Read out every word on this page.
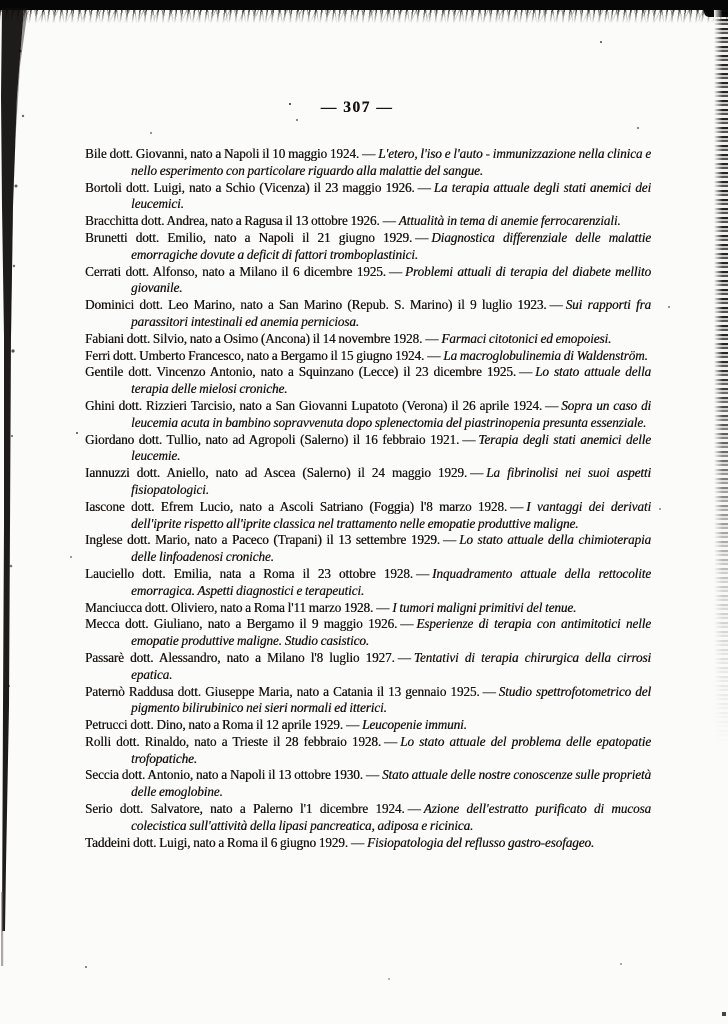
— 307 —
Bile dott. Giovanni, nato a Napoli il 10 maggio 1924. — L'etero, l'iso e l'auto - immunizzazione nella clinica e nello esperimento con particolare riguardo alla malattie del sangue.
Bortoli dott. Luigi, nato a Schio (Vicenza) il 23 maggio 1926. — La terapia attuale degli stati anemici dei leucemici.
Bracchitta dott. Andrea, nato a Ragusa il 13 ottobre 1926. — Attualità in tema di anemie ferrocarenziali.
Brunetti dott. Emilio, nato a Napoli il 21 giugno 1929. — Diagnostica differenziale delle malattie emorragiche dovute a deficit di fattori tromboplastinici.
Cerrati dott. Alfonso, nato a Milano il 6 dicembre 1925. — Problemi attuali di terapia del diabete mellito giovanile.
Dominici dott. Leo Marino, nato a San Marino (Repub. S. Marino) il 9 luglio 1923. — Sui rapporti fra parassitori intestinali ed anemia perniciosa.
Fabiani dott. Silvio, nato a Osimo (Ancona) il 14 novembre 1928. — Farmaci citotonici ed emopoiesi.
Ferri dott. Umberto Francesco, nato a Bergamo il 15 giugno 1924. — La macroglobulinemia di Waldenström.
Gentile dott. Vincenzo Antonio, nato a Squinzano (Lecce) il 23 dicembre 1925. — Lo stato attuale della terapia delle mielosi croniche.
Ghini dott. Rizzieri Tarcisio, nato a San Giovanni Lupatoto (Verona) il 26 aprile 1924. — Sopra un caso di leucemia acuta in bambino sopravvenuta dopo splenectomia del piastrinopenia presunta essenziale.
Giordano dott. Tullio, nato ad Agropoli (Salerno) il 16 febbraio 1921. — Terapia degli stati anemici delle leucemie.
Iannuzzi dott. Aniello, nato ad Ascea (Salerno) il 24 maggio 1929. — La fibrinolisi nei suoi aspetti fisiopatologici.
Iascone dott. Efrem Lucio, nato a Ascoli Satriano (Foggia) l'8 marzo 1928. — I vantaggi dei derivati dell'iprite rispetto all'iprite classica nel trattamento nelle emopatie produttive maligne.
Inglese dott. Mario, nato a Paceco (Trapani) il 13 settembre 1929. — Lo stato attuale della chimioterapia delle linfoadenosi croniche.
Lauciello dott. Emilia, nata a Roma il 23 ottobre 1928. — Inquadramento attuale della rettocolite emorragica. Aspetti diagnostici e terapeutici.
Manciucca dott. Oliviero, nato a Roma l'11 marzo 1928. — I tumori maligni primitivi del tenue.
Mecca dott. Giuliano, nato a Bergamo il 9 maggio 1926. — Esperienze di terapia con antimitotici nelle emopatie produttive maligne. Studio casistico.
Passarè dott. Alessandro, nato a Milano l'8 luglio 1927. — Tentativi di terapia chirurgica della cirrosi epatica.
Paternò Raddusa dott. Giuseppe Maria, nato a Catania il 13 gennaio 1925. — Studio spettrofotometrico del pigmento bilirubinico nei sieri normali ed itterici.
Petrucci dott. Dino, nato a Roma il 12 aprile 1929. — Leucopenie immuni.
Rolli dott. Rinaldo, nato a Trieste il 28 febbraio 1928. — Lo stato attuale del problema delle epatopatie trofopatiche.
Seccia dott. Antonio, nato a Napoli il 13 ottobre 1930. — Stato attuale delle nostre conoscenze sulle proprietà delle emoglobine.
Serio dott. Salvatore, nato a Palerno l'1 dicembre 1924. — Azione dell'estratto purificato di mucosa colecistica sull'attività della lipasi pancreatica, adiposa e ricinica.
Taddeini dott. Luigi, nato a Roma il 6 giugno 1929. — Fisiopatologia del reflusso gastro-esofageo.
